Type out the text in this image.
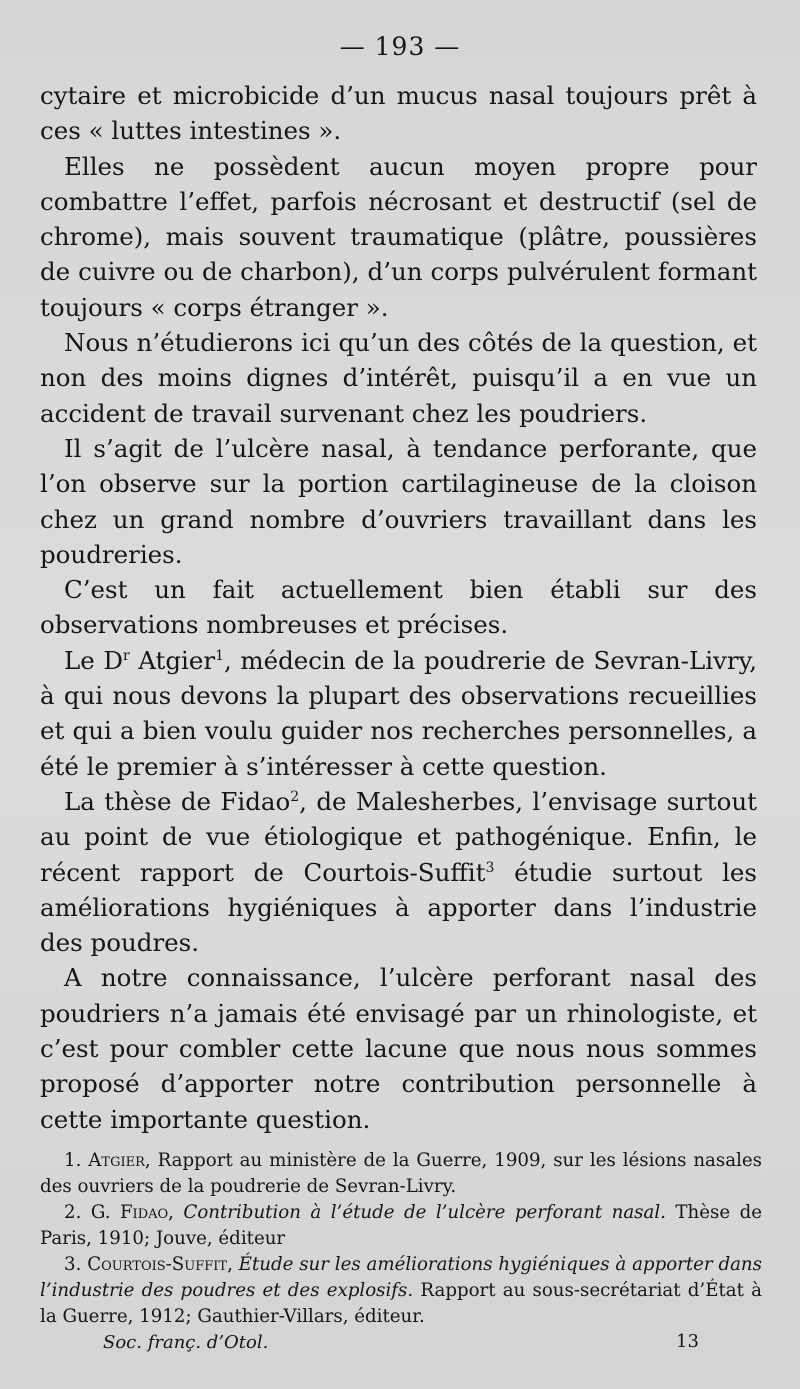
— 193 —

cytaire et microbicide d’un mucus nasal toujours prêt à ces « luttes intestines ».

Elles ne possèdent aucun moyen propre pour combattre l’effet, parfois nécrosant et destructif (sel de chrome), mais souvent traumatique (plâtre, poussières de cuivre ou de charbon), d’un corps pulvérulent formant toujours « corps étranger ».

Nous n’étudierons ici qu’un des côtés de la question, et non des moins dignes d’intérêt, puisqu’il a en vue un accident de travail survenant chez les poudriers.

Il s’agit de l’ulcère nasal, à tendance perforante, que l’on observe sur la portion cartilagineuse de la cloison chez un grand nombre d’ouvriers travaillant dans les poudreries.

C’est un fait actuellement bien établi sur des observations nombreuses et précises.

Le $D^r$ Atgier$^1$, médecin de la poudrerie de Sevran-Livry, à qui nous devons la plupart des observations recueillies et qui a bien voulu guider nos recherches personnelles, a été le premier à s’intéresser à cette question.

La thèse de Fidao$^2$, de Malesherbes, l’envisage surtout au point de vue étiologique et pathogénique. Enfin, le récent rapport de Courtois-Suffit$^3$ étudie surtout les améliorations hygiéniques à apporter dans l’industrie des poudres.

A notre connaissance, l’ulcère perforant nasal des poudriers n’a jamais été envisagé par un rhinologiste, et c’est pour combler cette lacune que nous nous sommes proposé d’apporter notre contribution personnelle à cette importante question.

1. Atgier, Rapport au ministère de la Guerre, 1909, sur les lésions nasales des ouvriers de la poudrerie de Sevran-Livry.

2. G. Fidao, Contribution à l’étude de l’ulcère perforant nasal. Thèse de Paris, 1910; Jouve, éditeur

3. Courtois-Suffit, Étude sur les améliorations hygiéniques à apporter dans l’industrie des poudres et des explosifs. Rapport au sous-secrétariat d’État à la Guerre, 1912; Gauthier-Villars, éditeur.

Soc. franç. d’Otol.	13
